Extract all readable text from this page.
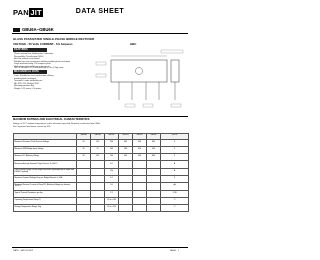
PAN JIT	DATA SHEET
GBU6A~GBU6K
GLASS PASSIVATED SINGLE-PHASE BRIDGE RECTIFIER
VOLTAGE - 50 Volts CURRENT - 6.0 Amperes	GBU
FEATURES
Plastic material has Underwriters Laboratory
Flammability Classification 94V-0
Ideal for printed circuit board
Reliable low cost construction utilizing molded plastic technique
Surge overload rating: 150 amperes peak
High temperature soldering guaranteed:
260°C/10 seconds/0.375" (9.5mm) lead length at 5 lbs. (2.3kg) tension
MECHANICAL DATA
Case: Reliable low cost construction utilizing
molded plastic technique
Terminals: Leads solderable per
MIL-STD-750, Method 2026
Mounting position: Any
Weight: 0.15 ounce, 4.0 grams
MAXIMUM RATINGS AND ELECTRICAL CHARACTERISTICS
Ratings at 25°C ambient temperature unless otherwise specified. Resistive or inductive load, 60Hz.
For Capacitive load derate current by 20%.
	GBU6A	GBU6B	GBU6D	GBU6G	GBU6J	GBU6K	UNITS
Maximum Recurrent Peak Reverse Voltage	50	100	200	400	600	800	V
Maximum RMS Bridge Input Voltage	35	70	140	280	420	560	V
Maximum DC Blocking Voltage	50	100	200	400	600	800	V
Maximum Average Forward Output Current, Tc=100°C			6.0				A
Peak Forward Surge Current single sine-wave superimposed on rated load (JEDEC method)			150				A
Maximum Forward Voltage Drop per Bridge Element at 3.0A			1.0				V
Maximum Reverse Current at Rated DC Blocking Voltage per element Tj=25°C			5.0				μA
Typical Thermal Resistance per leg			2.2				°C/W
Operating Temperature Range Tj			-55 to +150				°C
Storage Temperature Range Tstg			-55 to +150				°C
DATE : SEP.03.2002	PAGE . 1
